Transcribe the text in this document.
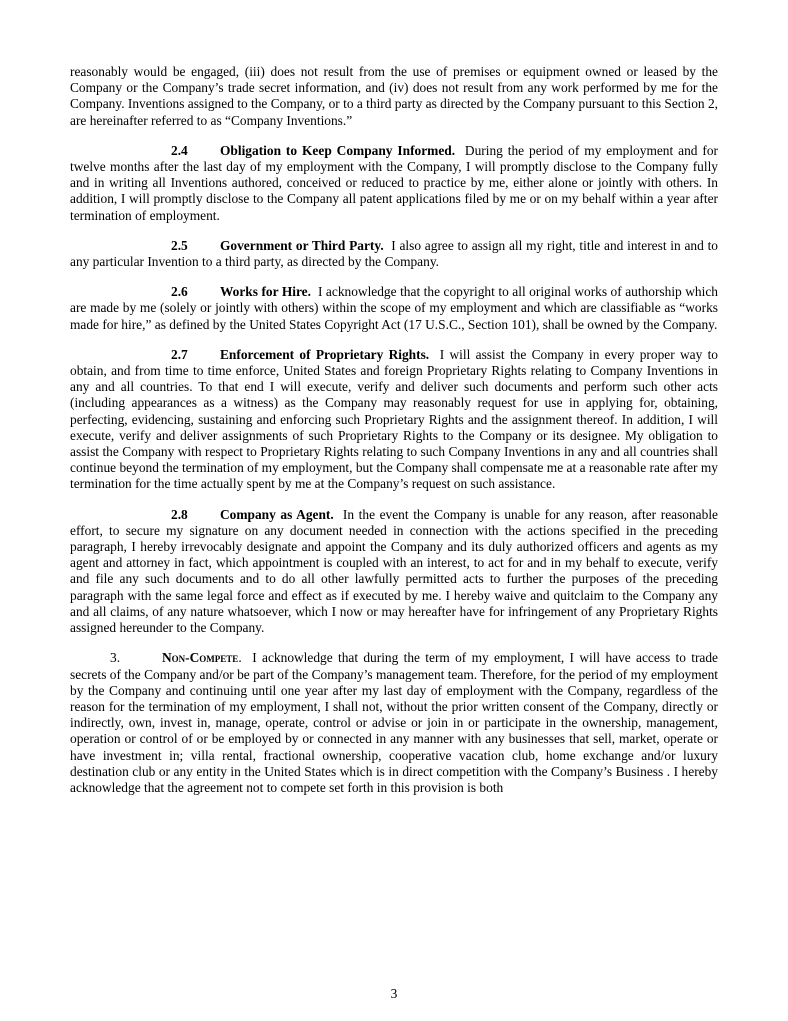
reasonably would be engaged, (iii) does not result from the use of premises or equipment owned or leased by the Company or the Company’s trade secret information, and (iv) does not result from any work performed by me for the Company. Inventions assigned to the Company, or to a third party as directed by the Company pursuant to this Section 2, are hereinafter referred to as “Company Inventions.”

2.4 Obligation to Keep Company Informed. During the period of my employment and for twelve months after the last day of my employment with the Company, I will promptly disclose to the Company fully and in writing all Inventions authored, conceived or reduced to practice by me, either alone or jointly with others. In addition, I will promptly disclose to the Company all patent applications filed by me or on my behalf within a year after termination of employment.

2.5 Government or Third Party. I also agree to assign all my right, title and interest in and to any particular Invention to a third party, as directed by the Company.

2.6 Works for Hire. I acknowledge that the copyright to all original works of authorship which are made by me (solely or jointly with others) within the scope of my employment and which are classifiable as “works made for hire,” as defined by the United States Copyright Act (17 U.S.C., Section 101), shall be owned by the Company.

2.7 Enforcement of Proprietary Rights. I will assist the Company in every proper way to obtain, and from time to time enforce, United States and foreign Proprietary Rights relating to Company Inventions in any and all countries. To that end I will execute, verify and deliver such documents and perform such other acts (including appearances as a witness) as the Company may reasonably request for use in applying for, obtaining, perfecting, evidencing, sustaining and enforcing such Proprietary Rights and the assignment thereof. In addition, I will execute, verify and deliver assignments of such Proprietary Rights to the Company or its designee. My obligation to assist the Company with respect to Proprietary Rights relating to such Company Inventions in any and all countries shall continue beyond the termination of my employment, but the Company shall compensate me at a reasonable rate after my termination for the time actually spent by me at the Company’s request on such assistance.

2.8 Company as Agent. In the event the Company is unable for any reason, after reasonable effort, to secure my signature on any document needed in connection with the actions specified in the preceding paragraph, I hereby irrevocably designate and appoint the Company and its duly authorized officers and agents as my agent and attorney in fact, which appointment is coupled with an interest, to act for and in my behalf to execute, verify and file any such documents and to do all other lawfully permitted acts to further the purposes of the preceding paragraph with the same legal force and effect as if executed by me. I hereby waive and quitclaim to the Company any and all claims, of any nature whatsoever, which I now or may hereafter have for infringement of any Proprietary Rights assigned hereunder to the Company.

3.	Non-Compete. I acknowledge that during the term of my employment, I will have access to trade secrets of the Company and/or be part of the Company’s management team. Therefore, for the period of my employment by the Company and continuing until one year after my last day of employment with the Company, regardless of the reason for the termination of my employment, I shall not, without the prior written consent of the Company, directly or indirectly, own, invest in, manage, operate, control or advise or join in or participate in the ownership, management, operation or control of or be employed by or connected in any manner with any businesses that sell, market, operate or have investment in; villa rental, fractional ownership, cooperative vacation club, home exchange and/or luxury destination club or any entity in the United States which is in direct competition with the Company’s Business . I hereby acknowledge that the agreement not to compete set forth in this provision is both

3
